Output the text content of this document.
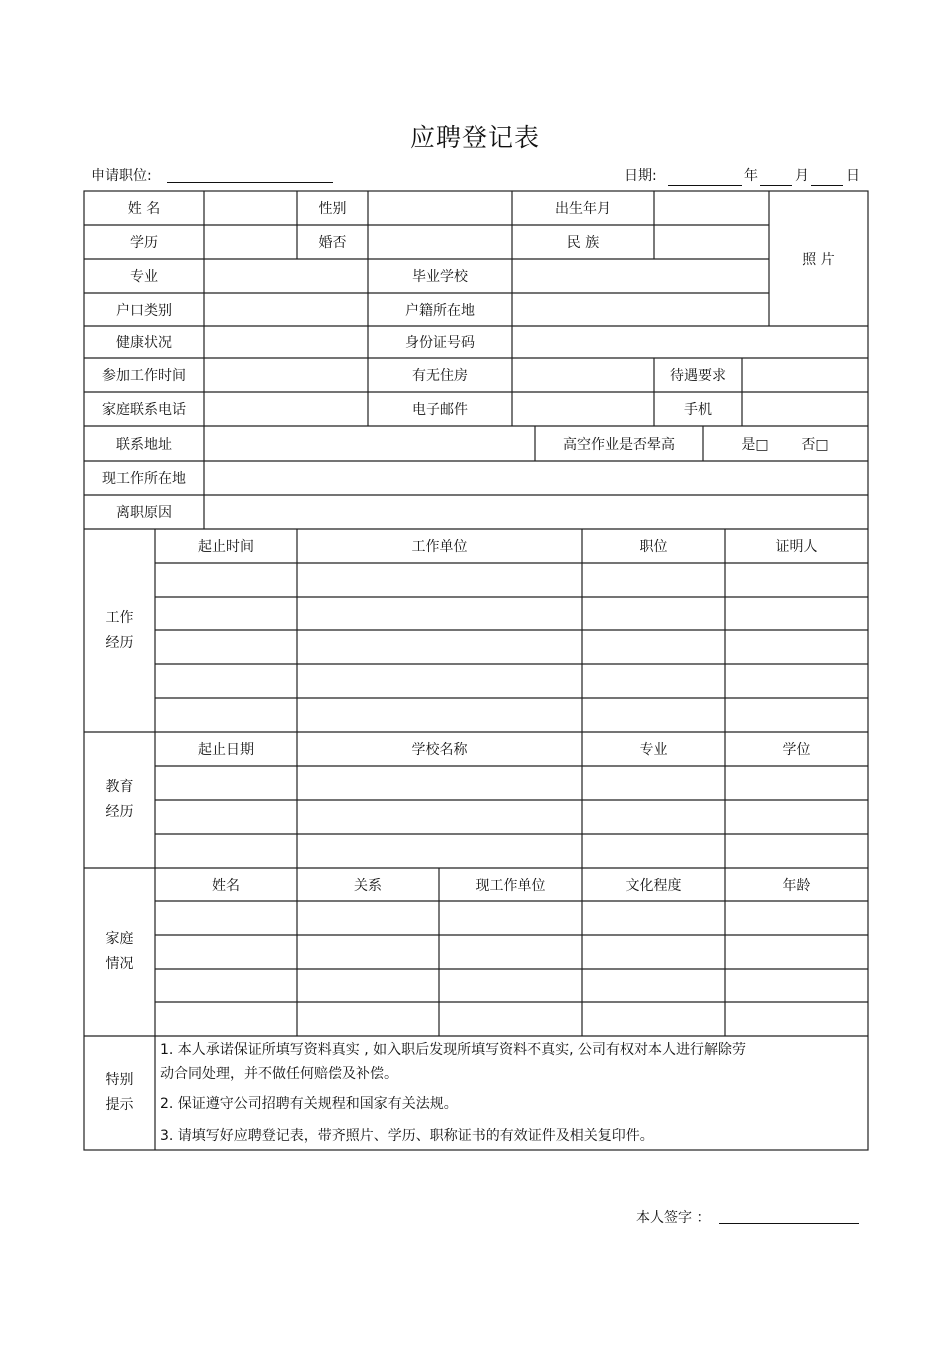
应聘登记表
申请职位:	日期:	年	月	日
姓 名	性别	出生年月
照 片
学历	婚否	民 族
专业	毕业学校
户口类别	户籍所在地
健康状况	身份证号码
参加工作时间	有无住房	待遇要求
家庭联系电话	电子邮件	手机
联系地址	高空作业是否晕高	是□	否□
现工作所在地
离职原因
工作
经历
起止时间	工作单位	职位	证明人
教育
经历
起止日期	学校名称	专业	学位
家庭
情况
姓名	关系	现工作单位	文化程度	年龄
特别
提示
1. 本人承诺保证所填写资料真实 , 如入职后发现所填写资料不真实, 公司有权对本人进行解除劳
动合同处理，并不做任何赔偿及补偿。
2. 保证遵守公司招聘有关规程和国家有关法规。
3. 请填写好应聘登记表，带齐照片、学历、职称证书的有效证件及相关复印件。
本人签字 ：
